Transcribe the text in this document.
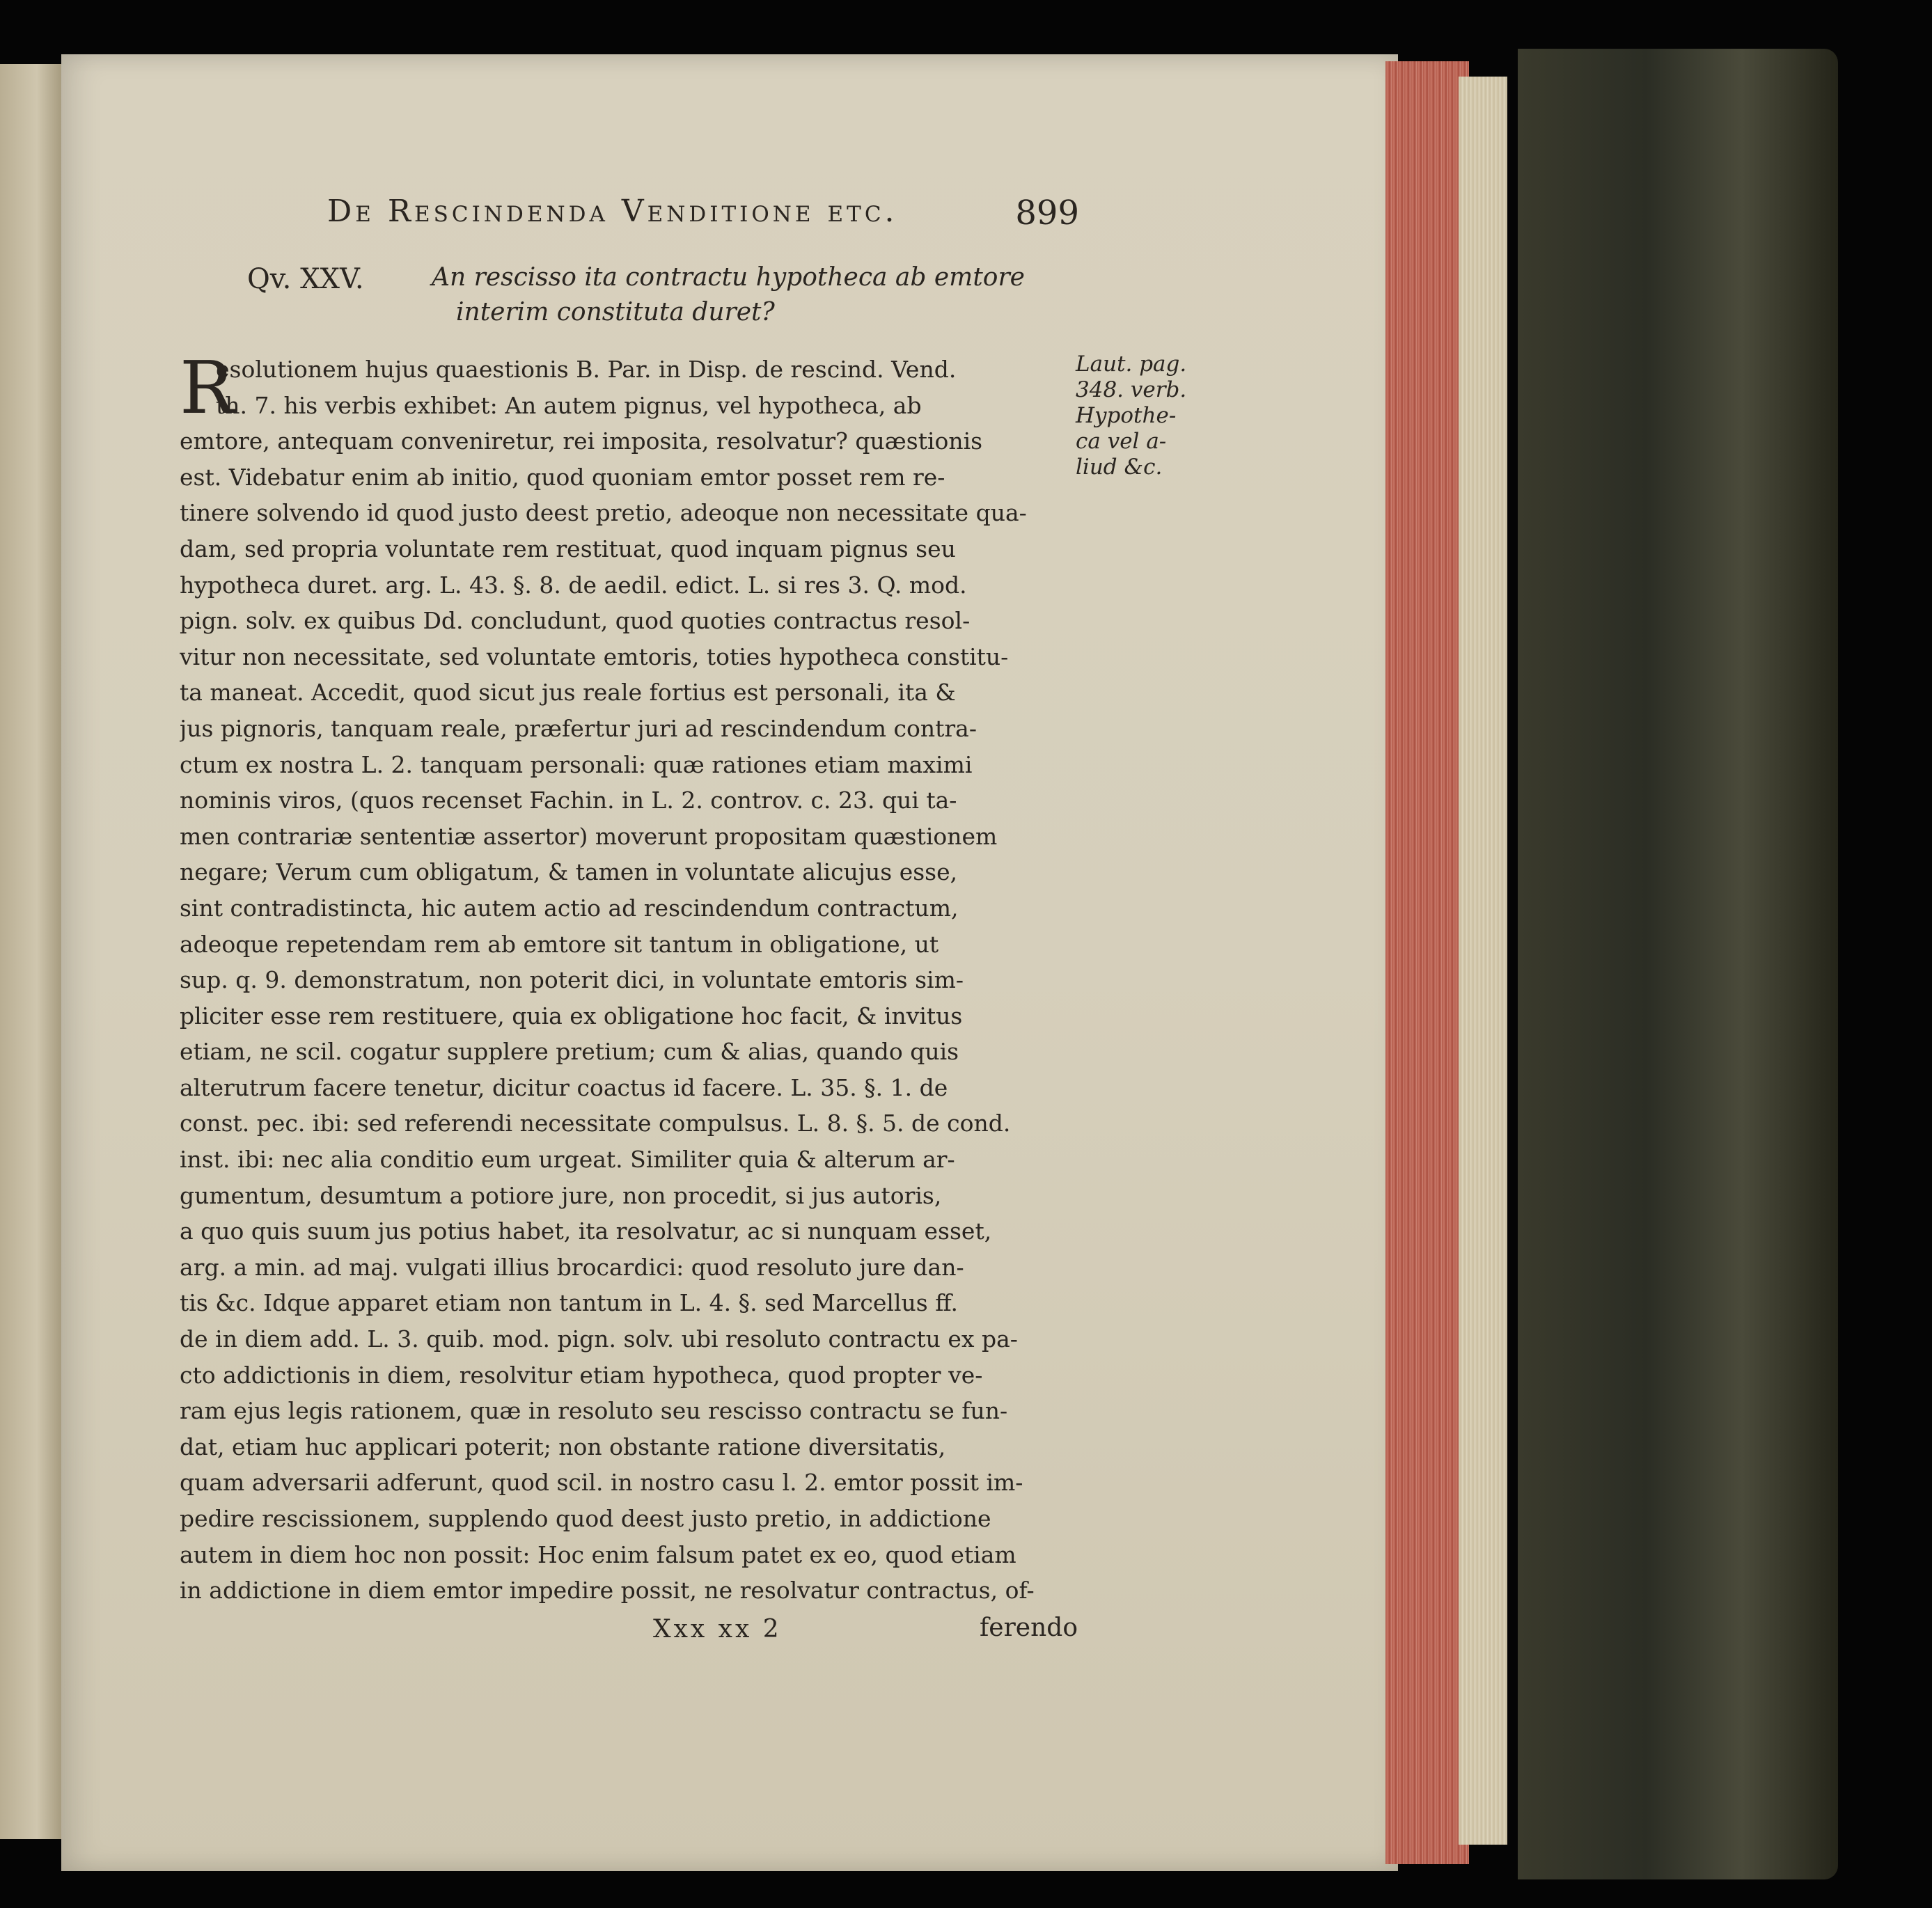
De Rescindenda Venditione etc.	899
Qv. XXV.	An rescisso ita contractu hypotheca ab emtore
interim constituta duret?
R
esolutionem hujus quaestionis B. Par. in Disp. de rescind. Vend.
th. 7. his verbis exhibet: An autem pignus, vel hypotheca, ab
emtore, antequam conveniretur, rei imposita, resolvatur? quæstionis
est. Videbatur enim ab initio, quod quoniam emtor posset rem re-
tinere solvendo id quod justo deest pretio, adeoque non necessitate qua-
dam, sed propria voluntate rem restituat, quod inquam pignus seu
hypotheca duret. arg. L. 43. §. 8. de aedil. edict. L. si res 3. Q. mod.
pign. solv. ex quibus Dd. concludunt, quod quoties contractus resol-
vitur non necessitate, sed voluntate emtoris, toties hypotheca constitu-
ta maneat. Accedit, quod sicut jus reale fortius est personali, ita &
jus pignoris, tanquam reale, præfertur juri ad rescindendum contra-
ctum ex nostra L. 2. tanquam personali: quæ rationes etiam maximi
nominis viros, (quos recenset Fachin. in L. 2. controv. c. 23. qui ta-
men contrariæ sententiæ assertor) moverunt propositam quæstionem
negare; Verum cum obligatum, & tamen in voluntate alicujus esse,
sint contradistincta, hic autem actio ad rescindendum contractum,
adeoque repetendam rem ab emtore sit tantum in obligatione, ut
sup. q. 9. demonstratum, non poterit dici, in voluntate emtoris sim-
pliciter esse rem restituere, quia ex obligatione hoc facit, & invitus
etiam, ne scil. cogatur supplere pretium; cum & alias, quando quis
alterutrum facere tenetur, dicitur coactus id facere. L. 35. §. 1. de
const. pec. ibi: sed referendi necessitate compulsus. L. 8. §. 5. de cond.
inst. ibi: nec alia conditio eum urgeat. Similiter quia & alterum ar-
gumentum, desumtum a potiore jure, non procedit, si jus autoris,
a quo quis suum jus potius habet, ita resolvatur, ac si nunquam esset,
arg. a min. ad maj. vulgati illius brocardici: quod resoluto jure dan-
tis &c. Idque apparet etiam non tantum in L. 4. §. sed Marcellus ff.
de in diem add. L. 3. quib. mod. pign. solv. ubi resoluto contractu ex pa-
cto addictionis in diem, resolvitur etiam hypotheca, quod propter ve-
ram ejus legis rationem, quæ in resoluto seu rescisso contractu se fun-
dat, etiam huc applicari poterit; non obstante ratione diversitatis,
quam adversarii adferunt, quod scil. in nostro casu l. 2. emtor possit im-
pedire rescissionem, supplendo quod deest justo pretio, in addictione
autem in diem hoc non possit: Hoc enim falsum patet ex eo, quod etiam
in addictione in diem emtor impedire possit, ne resolvatur contractus, of-
Laut. pag.
348. verb.
Hypothe-
ca vel a-
liud &c.
Xxx xx 2	ferendo
